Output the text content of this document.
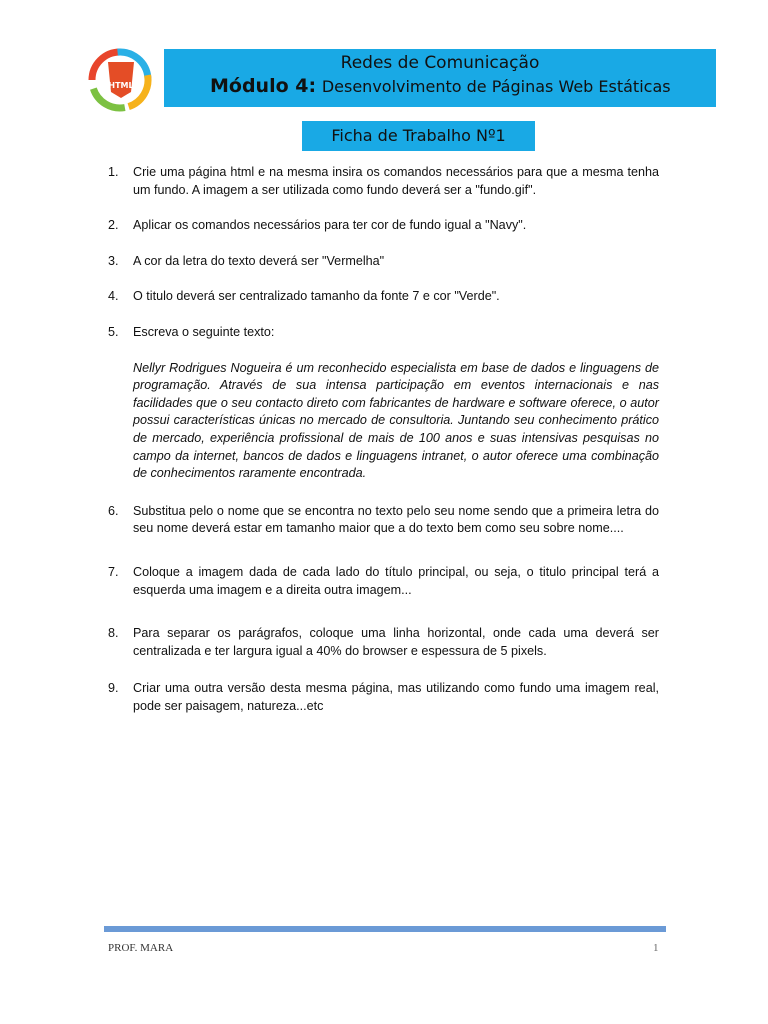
HTML
Redes de Comunicação
Módulo 4: Desenvolvimento de Páginas Web Estáticas
Ficha de Trabalho Nº1
1. Crie uma página html e na mesma insira os comandos necessários para que a mesma tenha um fundo. A imagem a ser utilizada como fundo deverá ser a "fundo.gif".
2. Aplicar os comandos necessários para ter cor de fundo igual a "Navy".
3. A cor da letra do texto deverá ser "Vermelha"
4. O titulo deverá ser centralizado tamanho da fonte 7 e cor "Verde".
5. Escreva o seguinte texto:
Nellyr Rodrigues Nogueira é um reconhecido especialista em base de dados e linguagens de programação. Através de sua intensa participação em eventos internacionais e nas facilidades que o seu contacto direto com fabricantes de hardware e software oferece, o autor possui características únicas no mercado de consultoria. Juntando seu conhecimento prático de mercado, experiência profissional de mais de 100 anos e suas intensivas pesquisas no campo da internet, bancos de dados e linguagens intranet, o autor oferece uma combinação de conhecimentos raramente encontrada.
6. Substitua pelo o nome que se encontra no texto pelo seu nome sendo que a primeira letra do seu nome deverá estar em tamanho maior que a do texto bem como seu sobre nome....
7. Coloque a imagem dada de cada lado do título principal, ou seja, o titulo principal terá a esquerda uma imagem e a direita outra imagem...
8. Para separar os parágrafos, coloque uma linha horizontal, onde cada uma deverá ser centralizada e ter largura igual a 40% do browser e espessura de 5 pixels.
9. Criar uma outra versão desta mesma página, mas utilizando como fundo uma imagem real, pode ser paisagem, natureza...etc
PROF. MARA	1
